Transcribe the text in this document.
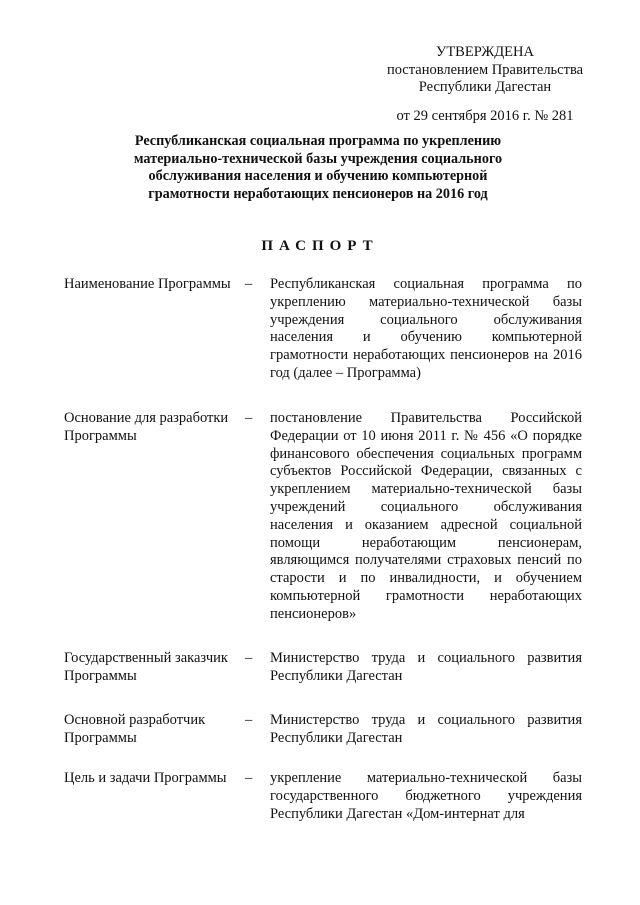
УТВЕРЖДЕНА
постановлением Правительства
Республики Дагестан
от 29 сентября 2016 г. № 281
Республиканская социальная программа по укреплению материально-технической базы учреждения социального обслуживания населения и обучению компьютерной грамотности неработающих пенсионеров на 2016 год
ПАСПОРТ
Наименование Программы – Республиканская социальная программа по укреплению материально-технической базы учреждения социального обслуживания населения и обучению компьютерной грамотности неработающих пенсионеров на 2016 год (далее – Программа)
Основание для разработки Программы
– постановление Правительства Российской Федерации от 10 июня 2011 г. № 456 «О порядке финансового обеспечения социальных программ субъектов Российской Федерации, связанных с укреплением материально-технической базы учреждений социального обслуживания населения и оказанием адресной социальной помощи неработающим пенсионерам, являющимся получателями страховых пенсий по старости и по инвалидности, и обучением компьютерной грамотности неработающих пенсионеров»
Государственный заказчик Программы
– Министерство труда и социального развития Республики Дагестан
Основной разработчик Программы
– Министерство труда и социального развития Республики Дагестан
Цель и задачи Программы	– укрепление материально-технической базы государственного бюджетного учреждения Республики Дагестан «Дом-интернат для
